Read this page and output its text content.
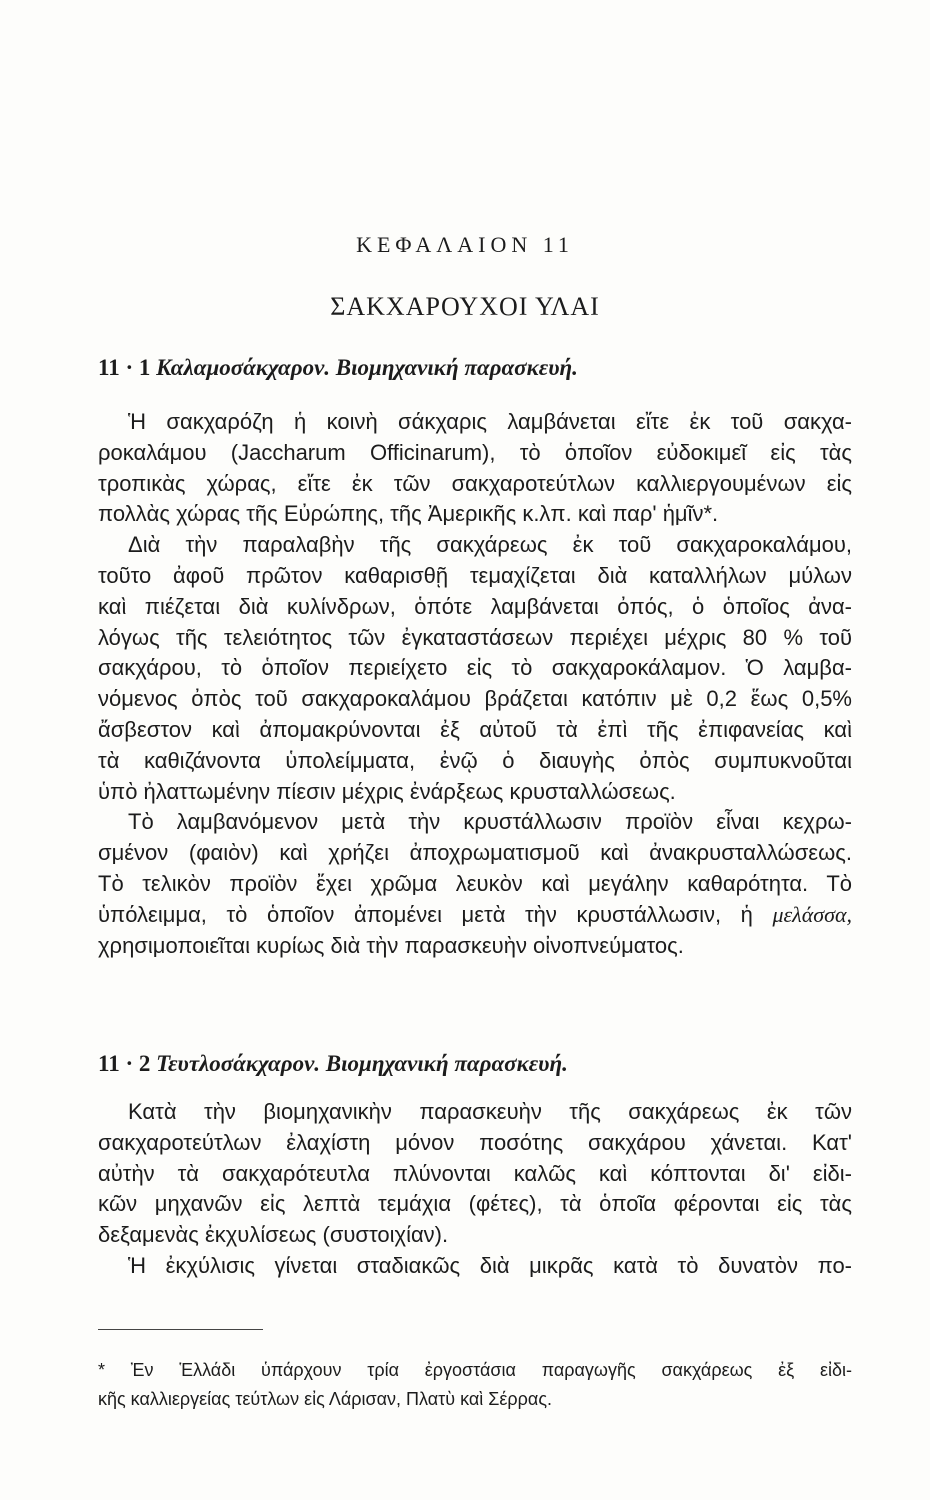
ΚΕΦΑΛΑΙΟΝ 11
ΣΑΚΧΑΡΟΥΧΟΙ ΥΛΑΙ
11 · 1 Καλαμοσάκχαρον. Βιομηχανική παρασκευή.
Ἡ σακχαρόζη ἡ κοινὴ σάκχαρις λαμβάνεται εἴτε ἐκ τοῦ σακχα-
ροκαλάμου (Jaccharum Officinarum), τὸ ὁποῖον εὐδοκιμεῖ εἰς τὰς
τροπικὰς χώρας, εἴτε ἐκ τῶν σακχαροτεύτλων καλλιεργουμένων εἰς
πολλὰς χώρας τῆς Εὐρώπης, τῆς Ἀμερικῆς κ.λπ. καὶ παρ' ἡμῖν*.
Διὰ τὴν παραλαβὴν τῆς σακχάρεως ἐκ τοῦ σακχαροκαλάμου,
τοῦτο ἀφοῦ πρῶτον καθαρισθῇ τεμαχίζεται διὰ καταλλήλων μύλων
καὶ πιέζεται διὰ κυλίνδρων, ὁπότε λαμβάνεται ὀπός, ὁ ὁποῖος ἀνα-
λόγως τῆς τελειότητος τῶν ἐγκαταστάσεων περιέχει μέχρις 80 % τοῦ
σακχάρου, τὸ ὁποῖον περιείχετο εἰς τὸ σακχαροκάλαμον. Ὁ λαμβα-
νόμενος ὀπὸς τοῦ σακχαροκαλάμου βράζεται κατόπιν μὲ 0,2 ἕως 0,5%
ἄσβεστον καὶ ἀπομακρύνονται ἐξ αὐτοῦ τὰ ἐπὶ τῆς ἐπιφανείας καὶ
τὰ καθιζάνοντα ὑπολείμματα, ἐνῷ ὁ διαυγὴς ὀπὸς συμπυκνοῦται
ὑπὸ ἠλαττωμένην πίεσιν μέχρις ἐνάρξεως κρυσταλλώσεως.
Τὸ λαμβανόμενον μετὰ τὴν κρυστάλλωσιν προϊὸν εἶναι κεχρω-
σμένον (φαιὸν) καὶ χρήζει ἀποχρωματισμοῦ καὶ ἀνακρυσταλλώσεως.
Τὸ τελικὸν προϊὸν ἔχει χρῶμα λευκὸν καὶ μεγάλην καθαρότητα. Τὸ
ὑπόλειμμα, τὸ ὁποῖον ἀπομένει μετὰ τὴν κρυστάλλωσιν, ἡ μελάσσα,
χρησιμοποιεῖται κυρίως διὰ τὴν παρασκευὴν οἰνοπνεύματος.
11 · 2 Τευτλοσάκχαρον. Βιομηχανική παρασκευή.
Κατὰ τὴν βιομηχανικὴν παρασκευὴν τῆς σακχάρεως ἐκ τῶν
σακχαροτεύτλων ἐλαχίστη μόνον ποσότης σακχάρου χάνεται. Κατ'
αὐτὴν τὰ σακχαρότευτλα πλύνονται καλῶς καὶ κόπτονται δι' εἰδι-
κῶν μηχανῶν εἰς λεπτὰ τεμάχια (φέτες), τὰ ὁποῖα φέρονται εἰς τὰς
δεξαμενὰς ἐκχυλίσεως (συστοιχίαν).
Ἡ ἐκχύλισις γίνεται σταδιακῶς διὰ μικρᾶς κατὰ τὸ δυνατὸν πο-
* Ἐν Ἑλλάδι ὑπάρχουν τρία ἐργοστάσια παραγωγῆς σακχάρεως ἐξ εἰδι-
κῆς καλλιεργείας τεύτλων εἰς Λάρισαν, Πλατὺ καὶ Σέρρας.
